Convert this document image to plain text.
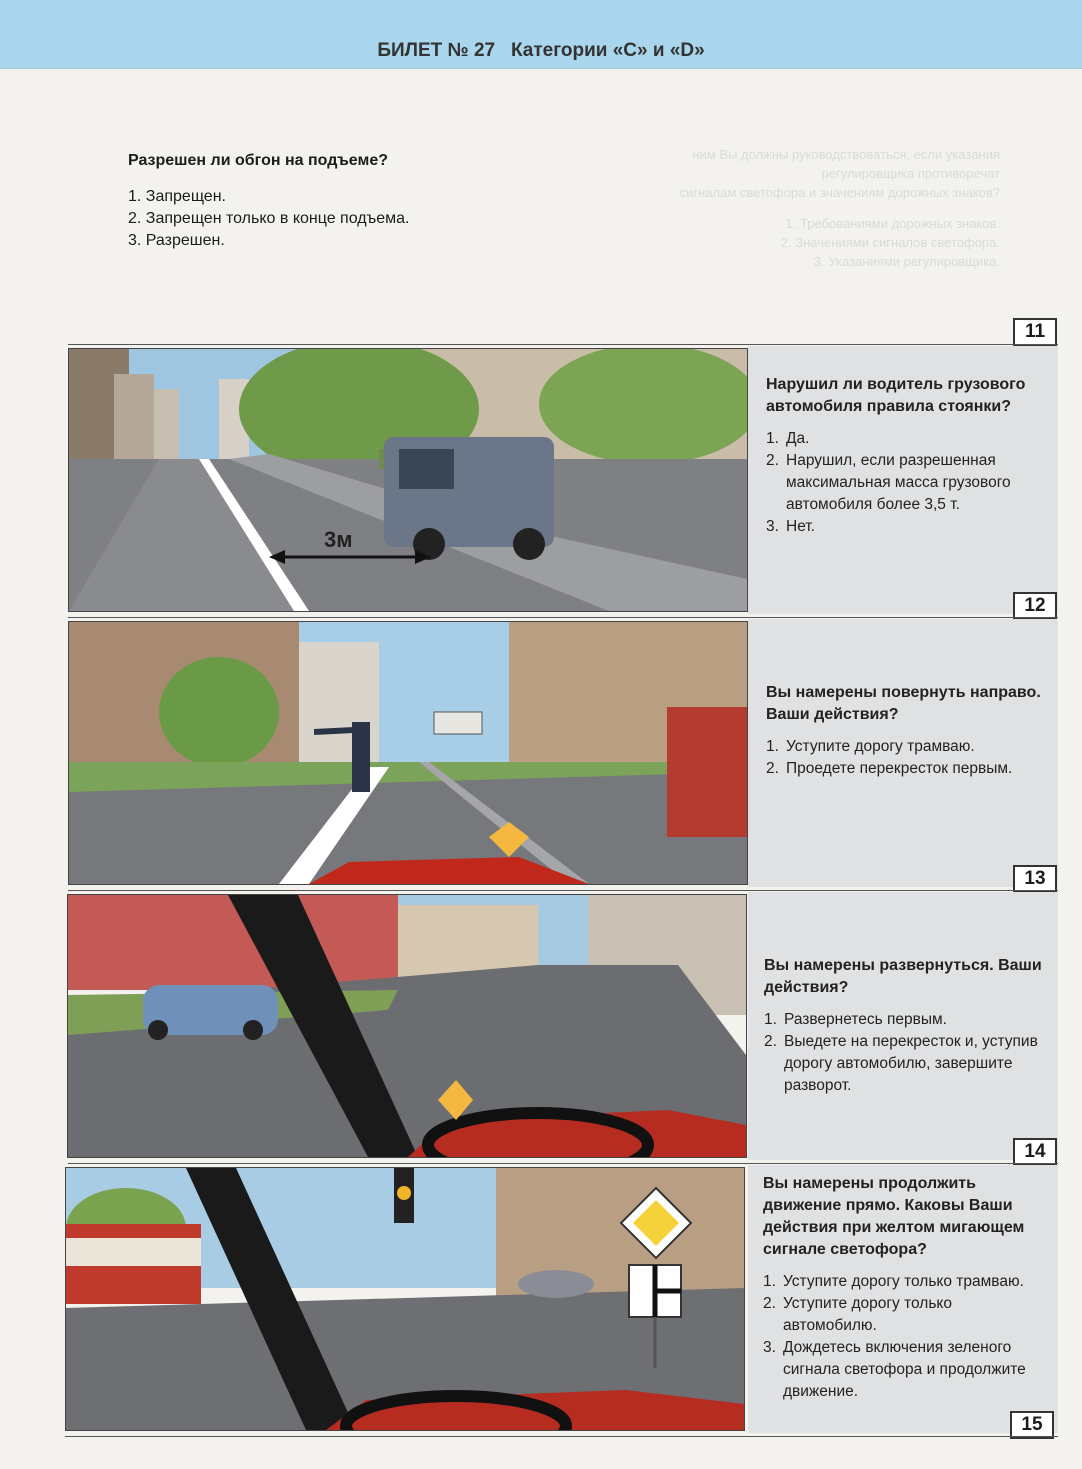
БИЛЕТ № 27   Категории «C» и «D»
ним Вы должны руководствоваться, если указания регулировщика противоречат
сигналам светофора и значениям дорожных знаков?
1. Требованиями дорожных знаков.
2. Значениями сигналов светофора.
3. Указаниями регулировщика.
Разрешен ли обгон на подъеме?
1. Запрещен.
2. Запрещен только в конце подъема.
3. Разрешен.
11
3м
Нарушил ли водитель грузового автомобиля правила стоянки?
1. Да.
2. Нарушил, если разрешенная максимальная масса грузового автомобиля более 3,5 т.
3. Нет.
12
Вы намерены повернуть направо. Ваши действия?
1. Уступите дорогу трамваю.
2. Проедете перекресток первым.
13
Вы намерены развернуться. Ваши действия?
1. Развернетесь первым.
2. Выедете на перекресток и, уступив дорогу автомобилю, завершите разворот.
14
Вы намерены продолжить движение прямо. Каковы Ваши действия при желтом мигающем сигнале светофора?
1. Уступите дорогу только трамваю.
2. Уступите дорогу только автомобилю.
3. Дождетесь включения зеленого сигнала светофора и продолжите движение.
15
